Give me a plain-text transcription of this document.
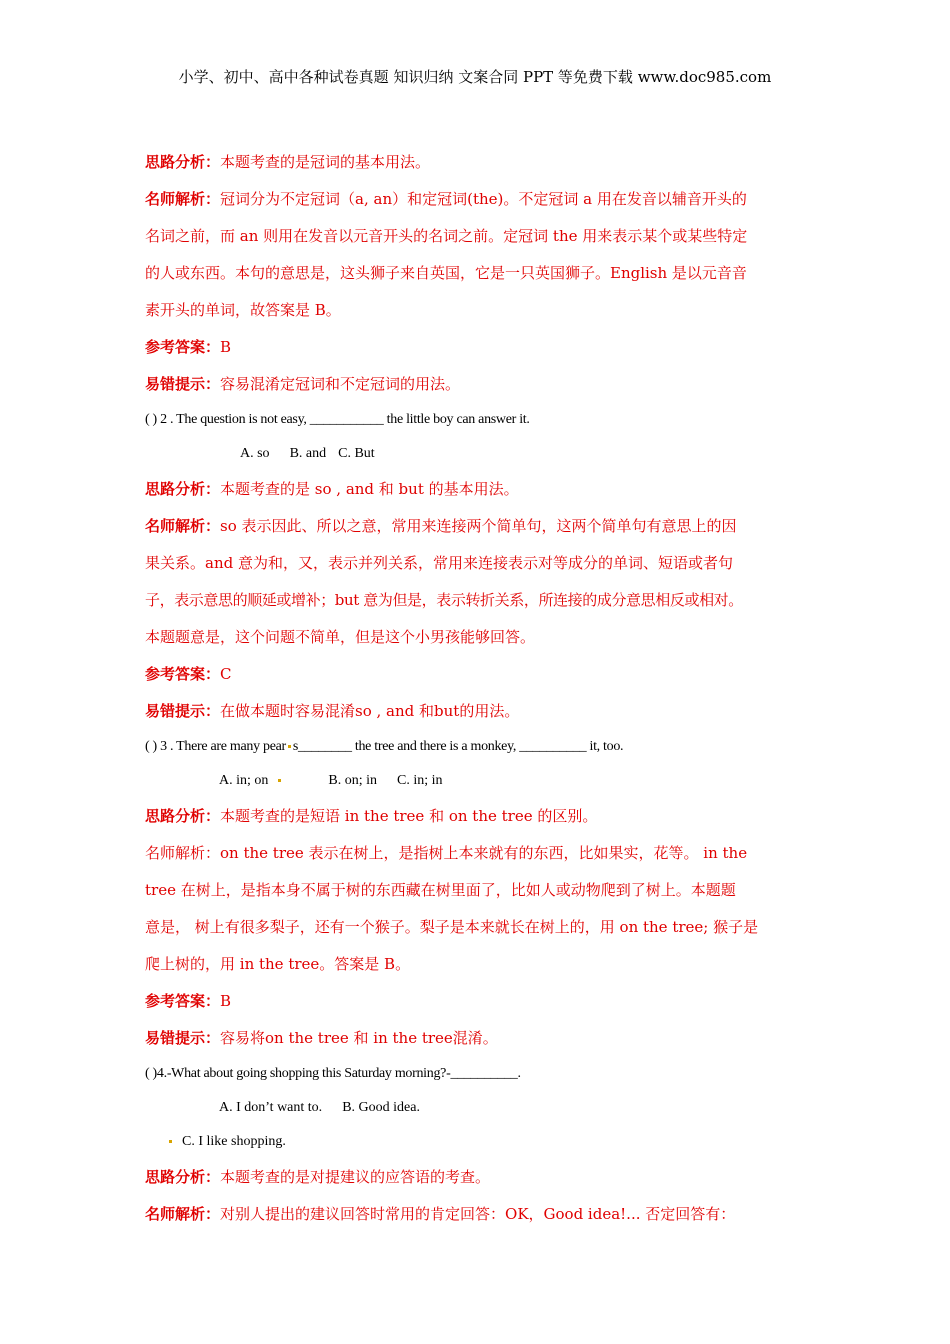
小学、初中、高中各种试卷真题 知识归纳 文案合同 PPT 等免费下载 www.doc985.com

思路分析：本题考查的是冠词的基本用法。

名师解析：冠词分为不定冠词（a, an）和定冠词(the)。不定冠词 a 用在发音以辅音开头的

名词之前，而 an 则用在发音以元音开头的名词之前。定冠词 the 用来表示某个或某些特定

的人或东西。本句的意思是，这头狮子来自英国，它是一只英国狮子。English 是以元音音

素开头的单词，故答案是 B。

参考答案：B

易错提示：容易混淆定冠词和不定冠词的用法。

( ) 2 . The question is not easy, ___________ the little boy can answer it.

A. so B. and C. But

思路分析：本题考查的是 so , and 和 but 的基本用法。

名师解析：so 表示因此、所以之意，常用来连接两个简单句，这两个简单句有意思上的因

果关系。and 意为和，又，表示并列关系，常用来连接表示对等成分的单词、短语或者句

子，表示意思的顺延或增补；but 意为但是，表示转折关系，所连接的成分意思相反或相对。

本题题意是，这个问题不简单，但是这个小男孩能够回答。

参考答案：C

易错提示：在做本题时容易混淆so , and 和but的用法。

( ) 3 . There are many pear s________ the tree and there is a monkey, __________ it, too.

A. in; on	B. on; in C. in; in

思路分析：本题考查的是短语 in the tree 和 on the tree 的区别。

名师解析：on the tree 表示在树上，是指树上本来就有的东西，比如果实，花等。 in the

tree 在树上，是指本身不属于树的东西藏在树里面了，比如人或动物爬到了树上。本题题

意是， 树上有很多梨子，还有一个猴子。梨子是本来就长在树上的，用 on the tree; 猴子是

爬上树的，用 in the tree。答案是 B。

参考答案：B

易错提示：容易将on the tree 和 in the tree混淆。

( )4.-What about going shopping this Saturday morning?-__________.

A. I don’t want to. B. Good idea.

C. I like shopping.

思路分析：本题考查的是对提建议的应答语的考查。

名师解析：对别人提出的建议回答时常用的肯定回答：OK，Good idea!... 否定回答有：
